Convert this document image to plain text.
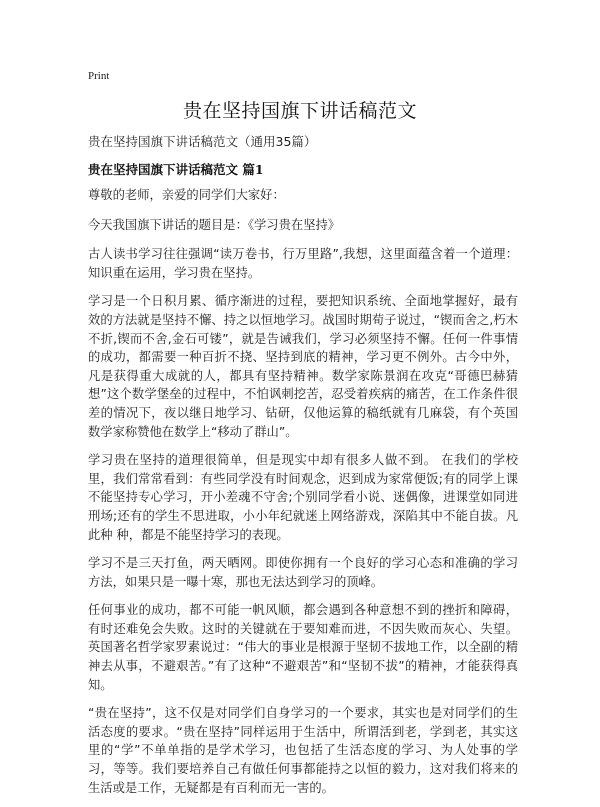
Print
贵在坚持国旗下讲话稿范文
贵在坚持国旗下讲话稿范文（通用35篇）
贵在坚持国旗下讲话稿范文 篇1

尊敬的老师，亲爱的同学们大家好：

今天我国旗下讲话的题目是：《学习贵在坚持》

古人读书学习往往强调“读万卷书，行万里路”,我想，这里面蕴含着一个道理：知识重在运用，学习贵在坚持。

学习是一个日积月累、循序渐进的过程，要把知识系统、全面地掌握好，最有效的方法就是坚持不懈、持之以恒地学习。战国时期荀子说过，“锲而舍之,朽木不折,锲而不舍,金石可镂”，就是告诫我们，学习必须坚持不懈。任何一件事情的成功，都需要一种百折不挠、坚持到底的精神，学习更不例外。古今中外，凡是获得重大成就的人，都具有坚持精神。数学家陈景润在攻克“哥德巴赫猜想”这个数学堡垒的过程中，不怕讽刺挖苦，忍受着疾病的痛苦，在工作条件很差的情况下，夜以继日地学习、钻研，仅他运算的稿纸就有几麻袋，有个英国数学家称赞他在数学上“移动了群山”。

学习贵在坚持的道理很简单，但是现实中却有很多人做不到。 在我们的学校里，我们常常看到：有些同学没有时间观念，迟到成为家常便饭;有的同学上课不能坚持专心学习，开小差魂不守舍;个别同学看小说、迷偶像，进课堂如同进刑场;还有的学生不思进取，小小年纪就迷上网络游戏，深陷其中不能自拔。凡此种 种，都是不能坚持学习的表现。

学习不是三天打鱼，两天晒网。即使你拥有一个良好的学习心态和准确的学习方法，如果只是一曝十寒，那也无法达到学习的顶峰。

任何事业的成功，都不可能一帆风顺，都会遇到各种意想不到的挫折和障碍，有时还难免会失败。这时的关键就在于要知难而进，不因失败而灰心、失望。英国著名哲学家罗素说过：“伟大的事业是根源于坚韧不拔地工作，以全副的精神去从事，不避艰苦。”有了这种“不避艰苦”和“坚韧不拔”的精神，才能获得真知。

“贵在坚持”，这不仅是对同学们自身学习的一个要求，其实也是对同学们的生活态度的要求。“贵在坚持”同样运用于生活中，所谓活到老，学到老，其实这里的“学”不单单指的是学术学习，也包括了生活态度的学习、为人处事的学习，等等。我们要培养自己有做任何事都能持之以恒的毅力，这对我们将来的生活或是工作，无疑都是有百利而无一害的。
